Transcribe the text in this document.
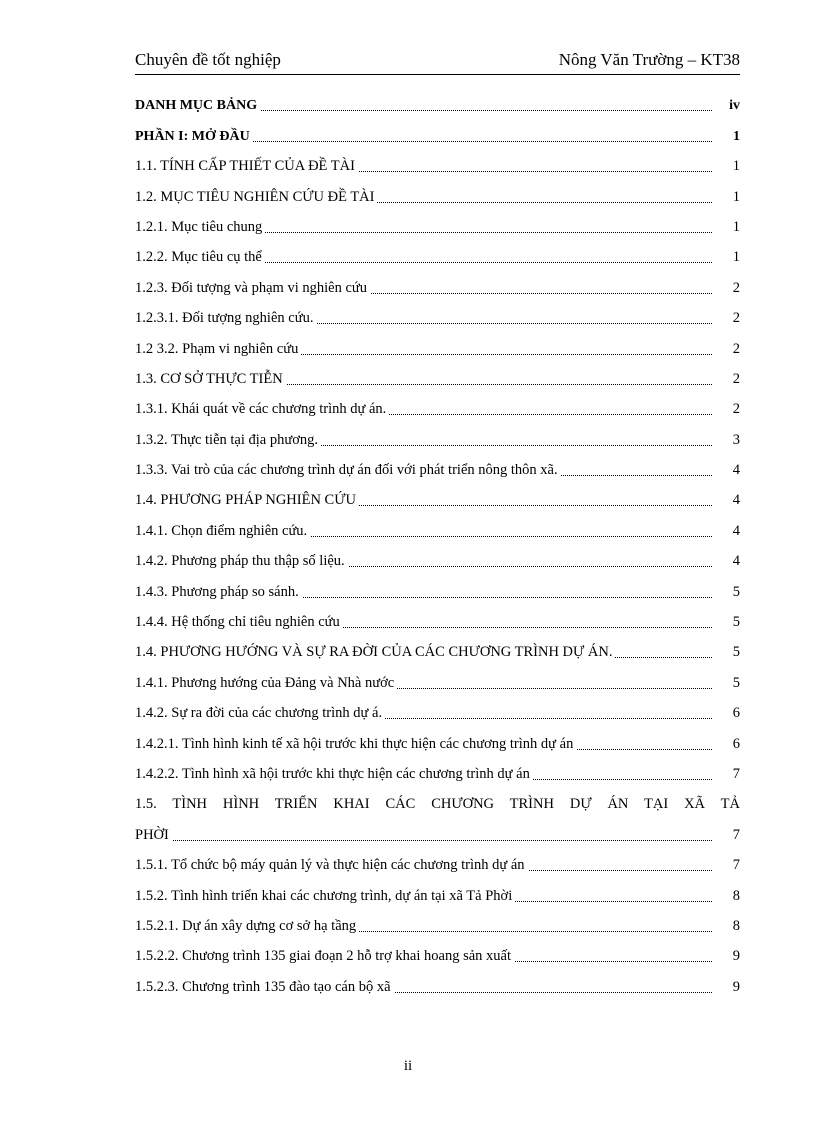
Chuyên đề tốt nghiệp	Nông Văn Trường – KT38
DANH MỤC BẢNG	iv
PHẦN I: MỞ ĐẦU	1
1.1. TÍNH CẤP THIẾT CỦA ĐỀ TÀI	1
1.2. MỤC TIÊU NGHIÊN CỨU ĐỀ TÀI	1
1.2.1. Mục tiêu chung	1
1.2.2. Mục tiêu cụ thể	1
1.2.3. Đối tượng và phạm vi nghiên cứu	2
1.2.3.1. Đối tượng nghiên cứu.	2
1.2 3.2. Phạm vi nghiên cứu	2
1.3. CƠ SỞ THỰC TIỄN	2
1.3.1. Khái quát về các chương trình dự án.	2
1.3.2. Thực tiễn tại địa phương.	3
1.3.3. Vai trò của các chương trình dự án đối với phát triển nông thôn xã.	4
1.4. PHƯƠNG PHÁP NGHIÊN CỨU	4
1.4.1. Chọn điểm nghiên cứu.	4
1.4.2. Phương pháp thu thập số liệu.	4
1.4.3. Phương pháp so sánh.	5
1.4.4. Hệ thống chỉ tiêu nghiên cứu	5
1.4. PHƯƠNG HƯỚNG VÀ SỰ RA ĐỜI CỦA CÁC CHƯƠNG TRÌNH DỰ ÁN.	5
1.4.1. Phương hướng của Đảng và Nhà nước	5
1.4.2. Sự ra đời của các chương trình dự á.	6
1.4.2.1. Tình hình kinh tế xã hội trước khi thực hiện các chương trình dự án	6
1.4.2.2. Tình hình xã hội trước khi thực hiện các chương trình dự án	7
1.5. TÌNH HÌNH TRIỂN KHAI CÁC CHƯƠNG TRÌNH DỰ ÁN TẠI XÃ TẢ
PHỜI	7
1.5.1. Tổ chức bộ máy quản lý và thực hiện các chương trình dự án	7
1.5.2. Tình hình triển khai các chương trình, dự án tại xã Tả Phời	8
1.5.2.1. Dự án xây dựng cơ sở hạ tầng	8
1.5.2.2. Chương trình 135 giai đoạn 2 hỗ trợ khai hoang sản xuất	9
1.5.2.3. Chương trình 135 đào tạo cán bộ xã	9
ii
